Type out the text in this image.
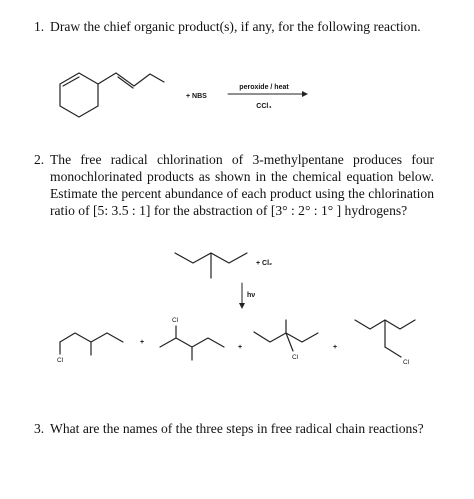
1. Draw the chief organic product(s), if any, for the following reaction.
2. The free radical chlorination of 3-methylpentane produces four monochlorinated products as shown in the chemical equation below. Estimate the percent abundance of each product using the chlorination ratio of [5: 3.5 : 1] for the abstraction of [3° : 2° : 1° ] hydrogens?
3. What are the names of the three steps in free radical chain reactions?
+ NBS
peroxide / heat
CCl₄
+ Cl₂
hν
Cl
+
Cl
+
Cl
+
Cl
